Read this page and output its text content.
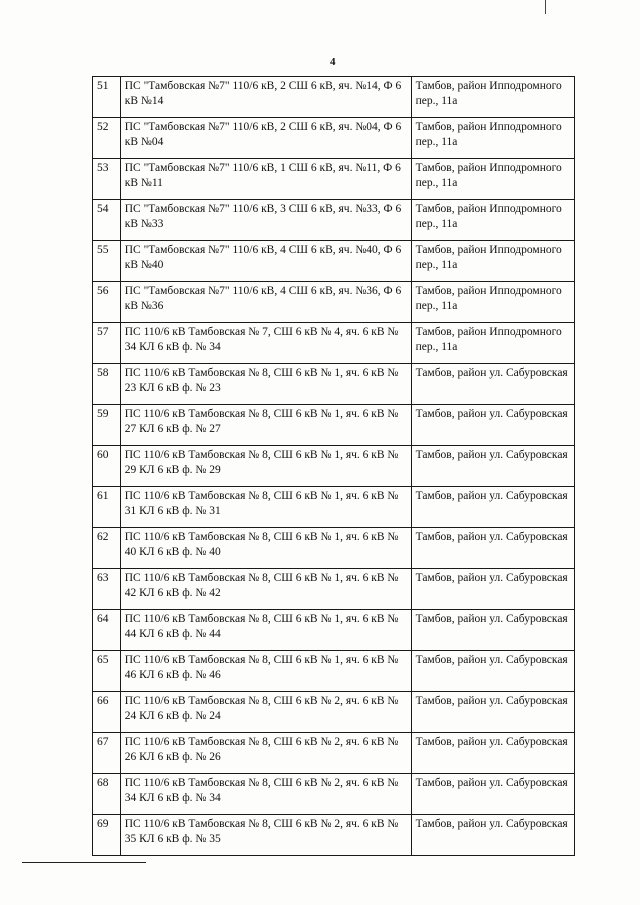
4
51	ПС "Тамбовская №7" 110/6 кВ, 2 СШ 6 кВ, яч. №14, Ф 6 кВ №14	Тамбов, район Ипподромного пер., 11а
52	ПС "Тамбовская №7" 110/6 кВ, 2 СШ 6 кВ, яч. №04, Ф 6 кВ №04	Тамбов, район Ипподромного пер., 11а
53	ПС "Тамбовская №7" 110/6 кВ, 1 СШ 6 кВ, яч. №11, Ф 6 кВ №11	Тамбов, район Ипподромного пер., 11а
54	ПС "Тамбовская №7" 110/6 кВ, 3 СШ 6 кВ, яч. №33, Ф 6 кВ №33	Тамбов, район Ипподромного пер., 11а
55	ПС "Тамбовская №7" 110/6 кВ, 4 СШ 6 кВ, яч. №40, Ф 6 кВ №40	Тамбов, район Ипподромного пер., 11а
56	ПС "Тамбовская №7" 110/6 кВ, 4 СШ 6 кВ, яч. №36, Ф 6 кВ №36	Тамбов, район Ипподромного пер., 11а
57	ПС 110/6 кВ Тамбовская № 7, СШ 6 кВ № 4, яч. 6 кВ № 34 КЛ 6 кВ ф. № 34	Тамбов, район Ипподромного пер., 11а
58	ПС 110/6 кВ Тамбовская № 8, СШ 6 кВ № 1, яч. 6 кВ № 23 КЛ 6 кВ ф. № 23	Тамбов, район ул. Сабуровская
59	ПС 110/6 кВ Тамбовская № 8, СШ 6 кВ № 1, яч. 6 кВ № 27 КЛ 6 кВ ф. № 27	Тамбов, район ул. Сабуровская
60	ПС 110/6 кВ Тамбовская № 8, СШ 6 кВ № 1, яч. 6 кВ № 29 КЛ 6 кВ ф. № 29	Тамбов, район ул. Сабуровская
61	ПС 110/6 кВ Тамбовская № 8, СШ 6 кВ № 1, яч. 6 кВ № 31 КЛ 6 кВ ф. № 31	Тамбов, район ул. Сабуровская
62	ПС 110/6 кВ Тамбовская № 8, СШ 6 кВ № 1, яч. 6 кВ № 40 КЛ 6 кВ ф. № 40	Тамбов, район ул. Сабуровская
63	ПС 110/6 кВ Тамбовская № 8, СШ 6 кВ № 1, яч. 6 кВ № 42 КЛ 6 кВ ф. № 42	Тамбов, район ул. Сабуровская
64	ПС 110/6 кВ Тамбовская № 8, СШ 6 кВ № 1, яч. 6 кВ № 44 КЛ 6 кВ ф. № 44	Тамбов, район ул. Сабуровская
65	ПС 110/6 кВ Тамбовская № 8, СШ 6 кВ № 1, яч. 6 кВ № 46 КЛ 6 кВ ф. № 46	Тамбов, район ул. Сабуровская
66	ПС 110/6 кВ Тамбовская № 8, СШ 6 кВ № 2, яч. 6 кВ № 24 КЛ 6 кВ ф. № 24	Тамбов, район ул. Сабуровская
67	ПС 110/6 кВ Тамбовская № 8, СШ 6 кВ № 2, яч. 6 кВ № 26 КЛ 6 кВ ф. № 26	Тамбов, район ул. Сабуровская
68	ПС 110/6 кВ Тамбовская № 8, СШ 6 кВ № 2, яч. 6 кВ № 34 КЛ 6 кВ ф. № 34	Тамбов, район ул. Сабуровская
69	ПС 110/6 кВ Тамбовская № 8, СШ 6 кВ № 2, яч. 6 кВ № 35 КЛ 6 кВ ф. № 35	Тамбов, район ул. Сабуровская
